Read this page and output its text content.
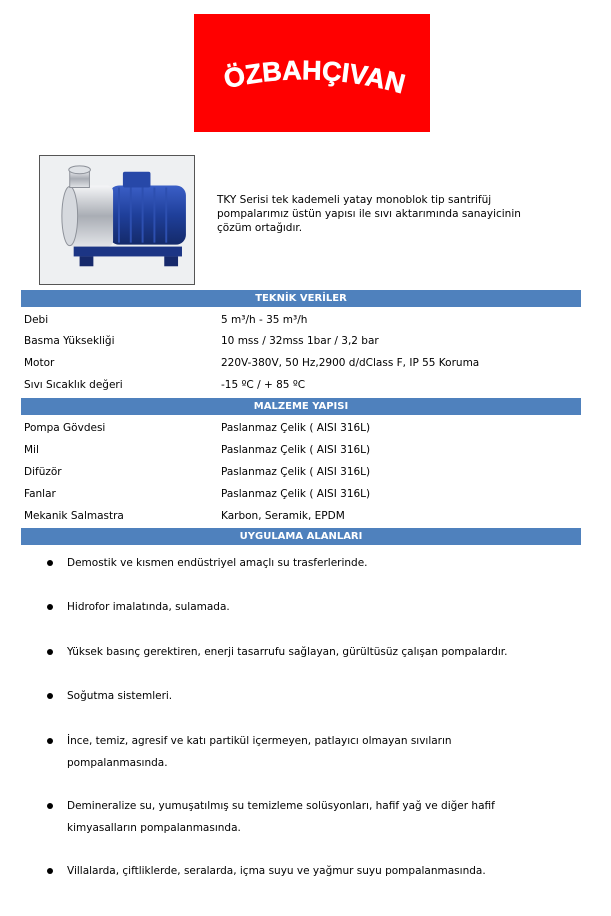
ÖZBAHÇIVAN
TKY Serisi tek kademeli yatay monoblok tip santrifüj
pompalarımız üstün yapısı ile sıvı aktarımında sanayicinin
çözüm ortağıdır.
TEKNİK VERİLER
Debi	5 m³/h - 35 m³/h
Basma Yüksekliği	10 mss / 32mss 1bar / 3,2 bar
Motor	220V-380V, 50 Hz,2900 d/dClass F, IP 55 Koruma
Sıvı Sıcaklık değeri	-15 ºC / + 85 ºC
MALZEME YAPISI
Pompa Gövdesi	Paslanmaz Çelik ( AISI 316L)
Mil	Paslanmaz Çelik ( AISI 316L)
Difüzör	Paslanmaz Çelik ( AISI 316L)
Fanlar	Paslanmaz Çelik ( AISI 316L)
Mekanik Salmastra	Karbon, Seramik, EPDM
UYGULAMA ALANLARI
Demostik ve kısmen endüstriyel amaçlı su trasferlerinde.
Hidrofor imalatında, sulamada.
Yüksek basınç gerektiren, enerji tasarrufu sağlayan, gürültüsüz çalışan pompalardır.
Soğutma sistemleri.
İnce, temiz, agresif ve katı partikül içermeyen, patlayıcı olmayan sıvıların
pompalanmasında.
Demineralize su, yumuşatılmış su temizleme solüsyonları, hafif yağ ve diğer hafif
kimyasalların pompalanmasında.
Villalarda, çiftliklerde, seralarda, içma suyu ve yağmur suyu pompalanmasında.
